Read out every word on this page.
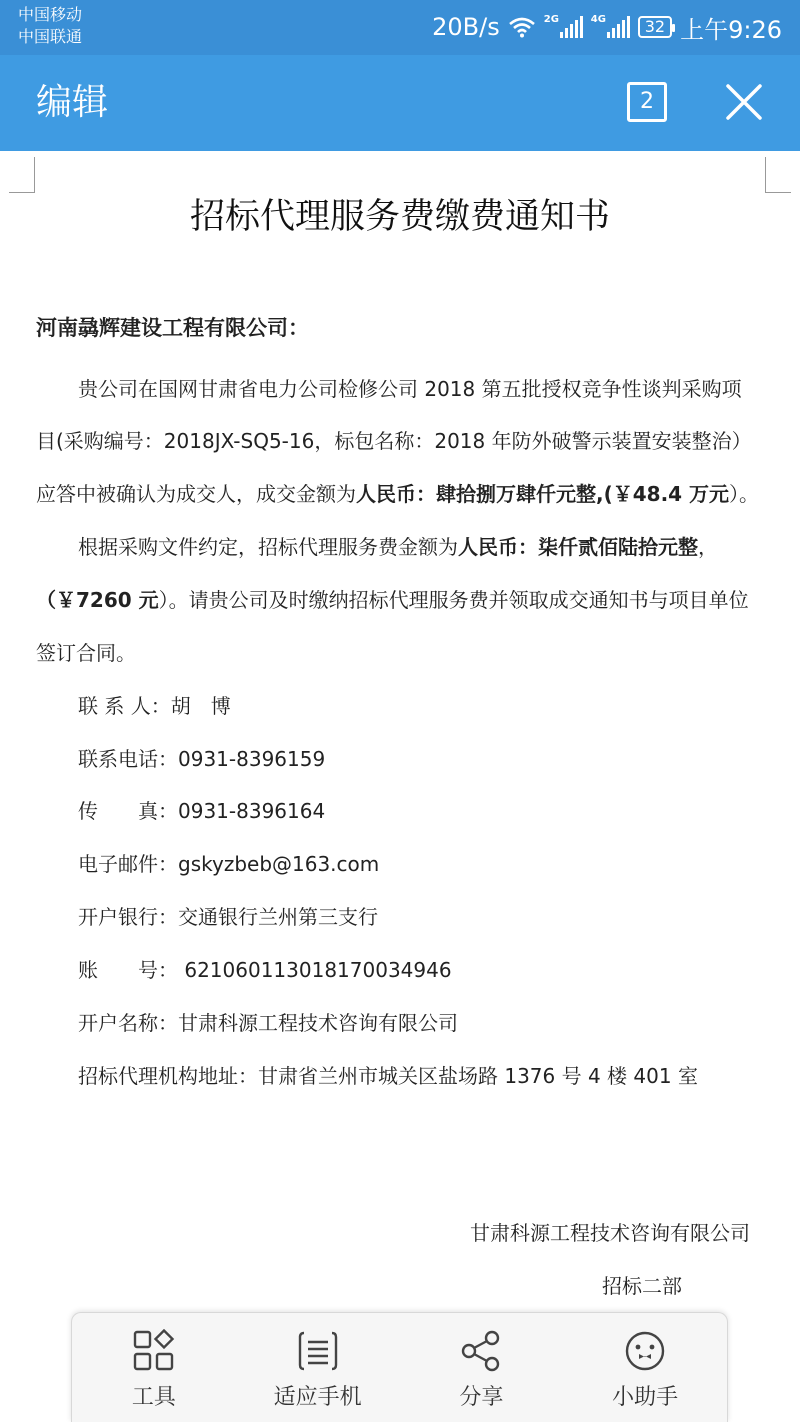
中国移动
中国联通	20B/s	2G	4G	32 上午9:26
编辑	2
招标代理服务费缴费通知书
河南骉辉建设工程有限公司：
贵公司在国网甘肃省电力公司检修公司 2018 第五批授权竞争性谈判采购项
目(采购编号：2018JX-SQ5-16，标包名称：2018 年防外破警示装置安装整治）
应答中被确认为成交人，成交金额为人民币：肆拾捌万肆仟元整,(￥48.4 万元）。
根据采购文件约定，招标代理服务费金额为人民币：柒仟贰佰陆拾元整，
（￥7260 元）。请贵公司及时缴纳招标代理服务费并领取成交通知书与项目单位
签订合同。
联 系 人：胡　博
联系电话：0931-8396159
传　　真：0931-8396164
电子邮件：gskyzbeb@163.com
开户银行：交通银行兰州第三支行
账　　号： 621060113018170034946
开户名称：甘肃科源工程技术咨询有限公司
招标代理机构地址：甘肃省兰州市城关区盐场路 1376 号 4 楼 401 室
甘肃科源工程技术咨询有限公司
招标二部
工具	适应手机	分享	小助手
